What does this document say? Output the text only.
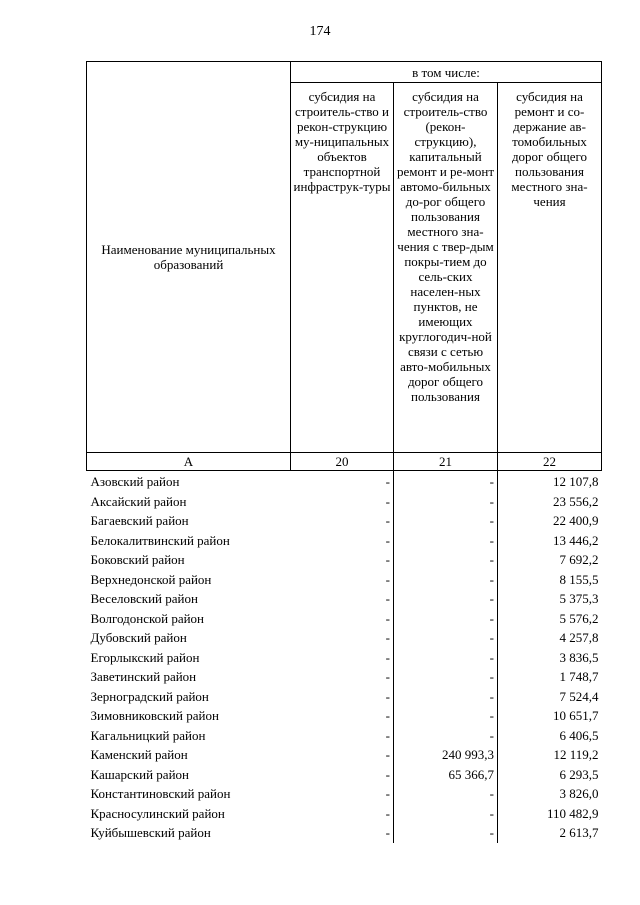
174
Наименование муниципальных образований	в том числе:		
	субсидия на строитель-ство и рекон-струкцию му-ниципальных объектов транспортной инфраструк-туры	субсидия на строитель-ство (рекон-струкцию), капитальный ремонт и ре-монт автомо-бильных до-рог общего пользования местного зна-чения с твер-дым покры-тием до сель-ских населен-ных пунктов, не имеющих круглогодич-ной связи с сетью авто-мобильных дорог общего пользования	субсидия на ремонт и со-держание ав-томобильных дорог общего пользования местного зна-чения
А	20	21	22
Азовский район	-	-	12 107,8
Аксайский район	-	-	23 556,2
Багаевский район	-	-	22 400,9
Белокалитвинский район	-	-	13 446,2
Боковский район	-	-	7 692,2
Верхнедонской район	-	-	8 155,5
Веселовский район	-	-	5 375,3
Волгодонской район	-	-	5 576,2
Дубовский район	-	-	4 257,8
Егорлыкский район	-	-	3 836,5
Заветинский район	-	-	1 748,7
Зерноградский район	-	-	7 524,4
Зимовниковский район	-	-	10 651,7
Кагальницкий район	-	-	6 406,5
Каменский район	-	240 993,3	12 119,2
Кашарский район	-	65 366,7	6 293,5
Константиновский район	-	-	3 826,0
Красносулинский район	-	-	110 482,9
Куйбышевский район	-	-	2 613,7
